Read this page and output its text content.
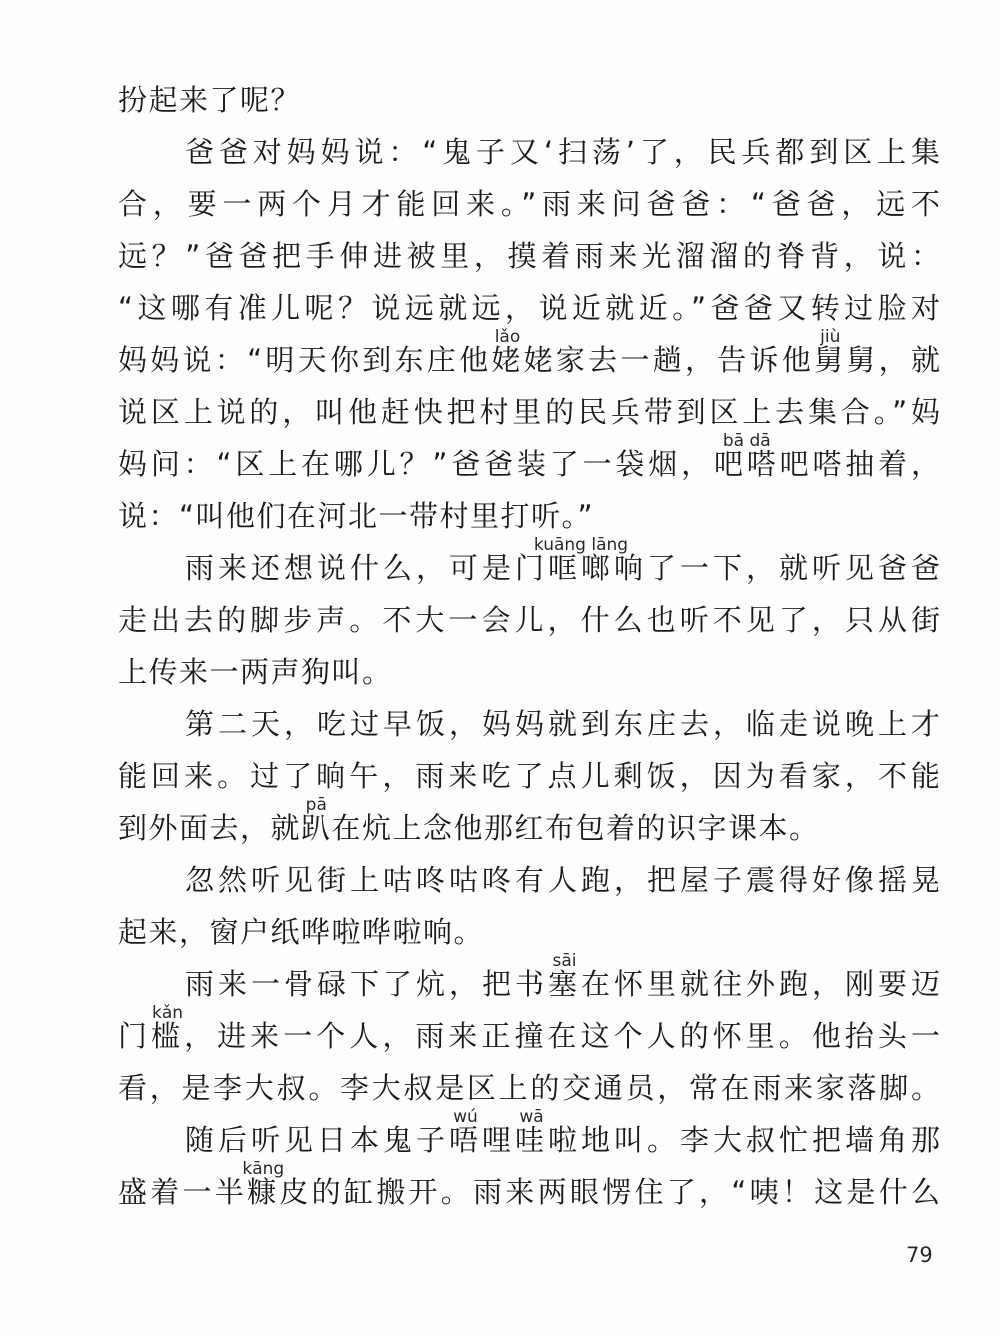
扮起来了呢？
爸爸对妈妈说：“鬼子又‘扫荡’了，民兵都到区上集
合，要一两个月才能回来。”雨来问爸爸：“爸爸，远不
远？”爸爸把手伸进被里，摸着雨来光溜溜的脊背，说：
“这哪有准儿呢？说远就远，说近就近。”爸爸又转过脸对
妈妈说：“明天你到东庄他
lǎo
姥姥家去一趟，告诉他
jiù
舅舅，就
说区上说的，叫他赶快把村里的民兵带到区上去集合。”妈
妈问：“区上在哪儿？”爸爸装了一袋烟，
bā dā
吧嗒吧嗒抽着，
说：“叫他们在河北一带村里打听。”
雨来还想说什么，可是门
kuāng lāng
哐啷响了一下，就听见爸爸
走出去的脚步声。不大一会儿，什么也听不见了，只从街
上传来一两声狗叫。
第二天，吃过早饭，妈妈就到东庄去，临走说晚上才
能回来。过了晌午，雨来吃了点儿剩饭，因为看家，不能
到外面去，就
pā
趴在炕上念他那红布包着的识字课本。
忽然听见街上咕咚咕咚有人跑，把屋子震得好像摇晃
起来，窗户纸哗啦哗啦响。
雨来一骨碌下了炕，把书
sāi
塞在怀里就往外跑，刚要迈
门
kǎn
槛，进来一个人，雨来正撞在这个人的怀里。他抬头一
看，是李大叔。李大叔是区上的交通员，常在雨来家落脚。
随后听见日本鬼子
wú
唔哩
wā
哇啦地叫。李大叔忙把墙角那
盛着一半
kāng
糠皮的缸搬开。雨来两眼愣住了，“咦！这是什么
79
